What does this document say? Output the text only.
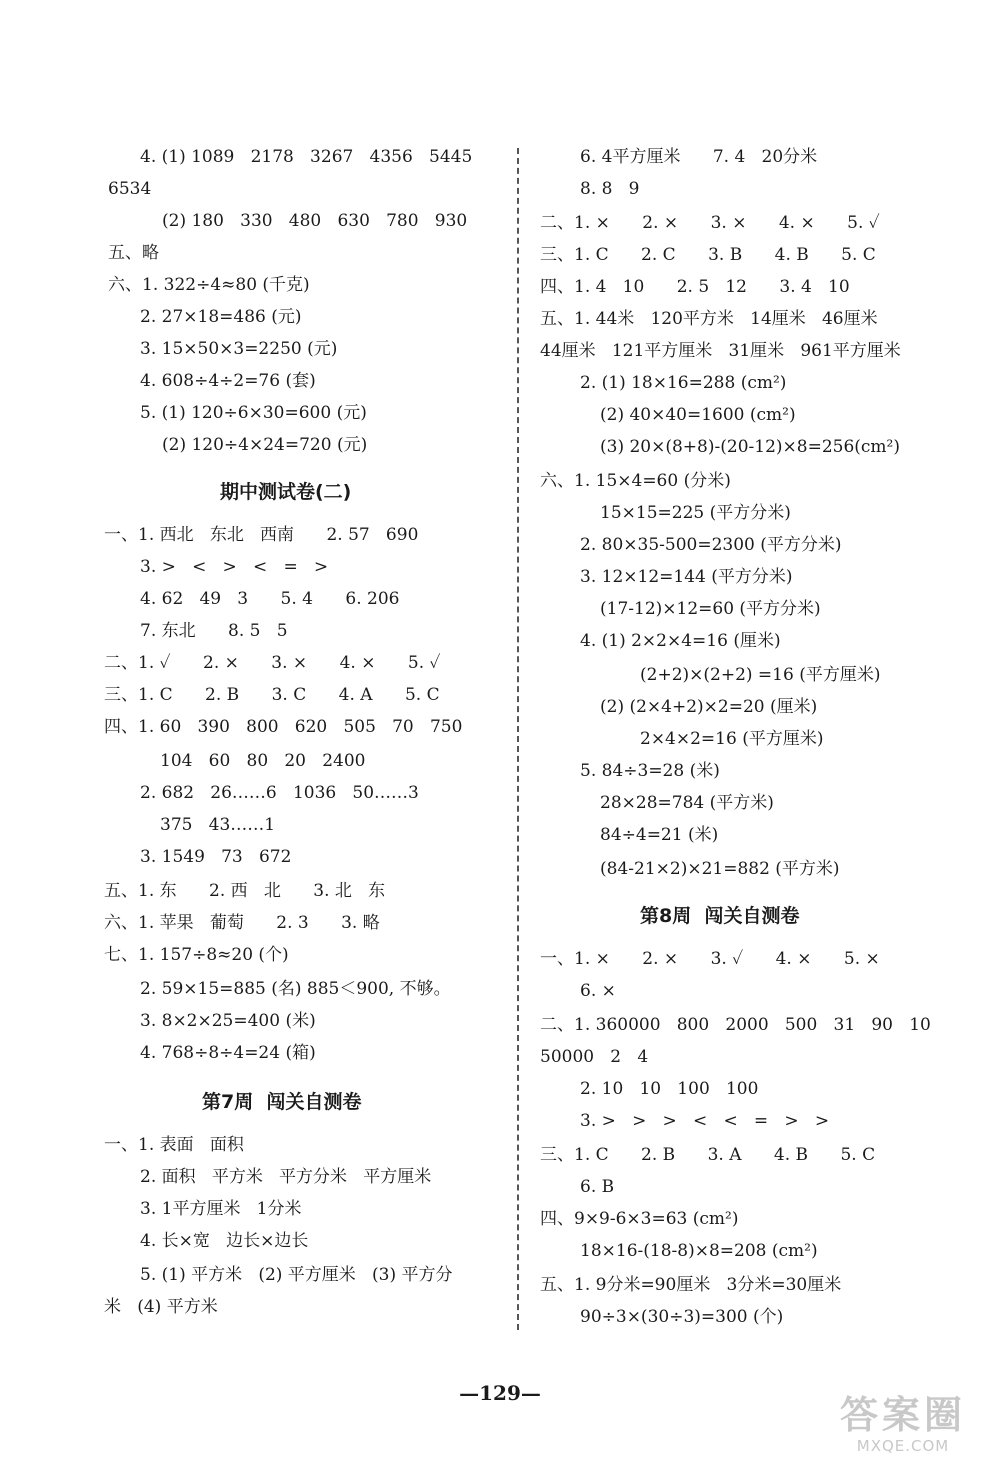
4. (1) 1089   2178   3267   4356   5445
6534
(2) 180   330   480   630   780   930
五、略
六、1. 322÷4≈80 (千克)
2. 27×18=486 (元)
3. 15×50×3=2250 (元)
4. 608÷4÷2=76 (套)
5. (1) 120÷6×30=600 (元)
(2) 120÷4×24=720 (元)
期中测试卷(二)
一、1. 西北   东北   西南      2. 57   690
3. >   <   >   <   =   >
4. 62   49   3      5. 4      6. 206
7. 东北      8. 5   5
二、1. ✓      2. ×      3. ×      4. ×      5. ✓
三、1. C      2. B      3. C      4. A      5. C
四、1. 60   390   800   620   505   70   750
104   60   80   20   2400
2. 682   26……6   1036   50……3
375   43……1
3. 1549   73   672
五、1. 东      2. 西   北      3. 北   东
六、1. 苹果   葡萄      2. 3      3. 略
七、1. 157÷8≈20 (个)
2. 59×15=885 (名) 885＜900, 不够。
3. 8×2×25=400 (米)
4. 768÷8÷4=24 (箱)
第7周  闯关自测卷
一、1. 表面   面积
2. 面积   平方米   平方分米   平方厘米
3. 1平方厘米   1分米
4. 长×宽   边长×边长
5. (1) 平方米   (2) 平方厘米   (3) 平方分
米   (4) 平方米
6. 4平方厘米      7. 4   20分米
8. 8   9
二、1. ×      2. ×      3. ×      4. ×      5. ✓
三、1. C      2. C      3. B      4. B      5. C
四、1. 4   10      2. 5   12      3. 4   10
五、1. 44米   120平方米   14厘米   46厘米
44厘米   121平方厘米   31厘米   961平方厘米
2. (1) 18×16=288 (cm²)
(2) 40×40=1600 (cm²)
(3) 20×(8+8)-(20-12)×8=256(cm²)
六、1. 15×4=60 (分米)
15×15=225 (平方分米)
2. 80×35-500=2300 (平方分米)
3. 12×12=144 (平方分米)
(17-12)×12=60 (平方分米)
4. (1) 2×2×4=16 (厘米)
(2+2)×(2+2) =16 (平方厘米)
(2) (2×4+2)×2=20 (厘米)
2×4×2=16 (平方厘米)
5. 84÷3=28 (米)
28×28=784 (平方米)
84÷4=21 (米)
(84-21×2)×21=882 (平方米)
第8周  闯关自测卷
一、1. ×      2. ×      3. ✓      4. ×      5. ×
6. ×
二、1. 360000   800   2000   500   31   90   10
50000   2   4
2. 10   10   100   100
3. >   >   >   <   <   =   >   >
三、1. C      2. B      3. A      4. B      5. C
6. B
四、9×9-6×3=63 (cm²)
18×16-(18-8)×8=208 (cm²)
五、1. 9分米=90厘米   3分米=30厘米
90÷3×(30÷3)=300 (个)
—129—	答案圈
MXQE.COM
